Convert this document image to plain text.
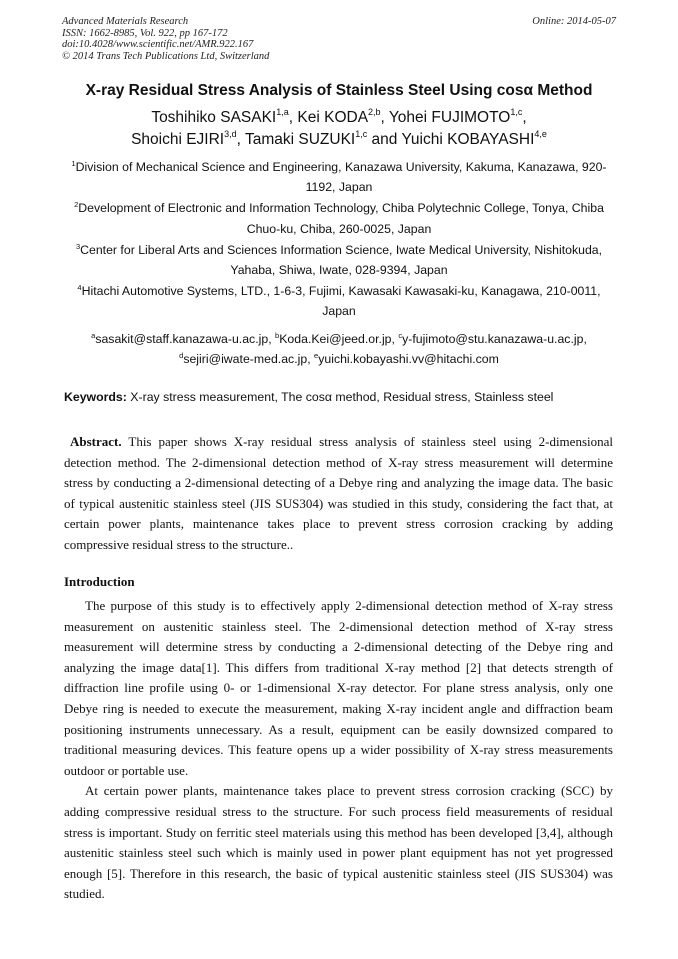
Advanced Materials Research
ISSN: 1662-8985, Vol. 922, pp 167-172
doi:10.4028/www.scientific.net/AMR.922.167
© 2014 Trans Tech Publications Ltd, Switzerland
Online: 2014-05-07
X-ray Residual Stress Analysis of Stainless Steel Using cosα Method
Toshihiko SASAKI$^{1,a}$, Kei KODA$^{2,b}$, Yohei FUJIMOTO$^{1,c}$,
Shoichi EJIRI$^{3,d}$, Tamaki SUZUKI$^{1,c}$ and Yuichi KOBAYASHI$^{4,e}$
$^1$Division of Mechanical Science and Engineering, Kanazawa University, Kakuma, Kanazawa, 920-1192, Japan
$^2$Development of Electronic and Information Technology, Chiba Polytechnic College, Tonya, Chiba Chuo-ku, Chiba, 260-0025, Japan
$^3$Center for Liberal Arts and Sciences Information Science, Iwate Medical University, Nishitokuda, Yahaba, Shiwa, Iwate, 028-9394, Japan
$^4$Hitachi Automotive Systems, LTD., 1-6-3, Fujimi, Kawasaki Kawasaki-ku, Kanagawa, 210-0011, Japan
$^a$sasakit@staff.kanazawa-u.ac.jp, $^b$Koda.Kei@jeed.or.jp, $^c$y-fujimoto@stu.kanazawa-u.ac.jp,
$^d$sejiri@iwate-med.ac.jp, $^e$yuichi.kobayashi.vv@hitachi.com
Keywords: X-ray stress measurement, The cosα method, Residual stress, Stainless steel
Abstract. This paper shows X-ray residual stress analysis of stainless steel using 2-dimensional detection method. The 2-dimensional detection method of X-ray stress measurement will determine stress by conducting a 2-dimensional detecting of a Debye ring and analyzing the image data. The basic of typical austenitic stainless steel (JIS SUS304) was studied in this study, considering the fact that, at certain power plants, maintenance takes place to prevent stress corrosion cracking by adding compressive residual stress to the structure..
Introduction

The purpose of this study is to effectively apply 2-dimensional detection method of X-ray stress measurement on austenitic stainless steel. The 2-dimensional detection method of X-ray stress measurement will determine stress by conducting a 2-dimensional detecting of the Debye ring and analyzing the image data[1]. This differs from traditional X-ray method [2] that detects strength of diffraction line profile using 0- or 1-dimensional X-ray detector. For plane stress analysis, only one Debye ring is needed to execute the measurement, making X-ray incident angle and diffraction beam positioning instruments unnecessary. As a result, equipment can be easily downsized compared to traditional measuring devices. This feature opens up a wider possibility of X-ray stress measurements outdoor or portable use.

At certain power plants, maintenance takes place to prevent stress corrosion cracking (SCC) by adding compressive residual stress to the structure. For such process field measurements of residual stress is important. Study on ferritic steel materials using this method has been developed [3,4], although austenitic stainless steel such which is mainly used in power plant equipment has not yet progressed enough [5]. Therefore in this research, the basic of typical austenitic stainless steel (JIS SUS304) was studied.
